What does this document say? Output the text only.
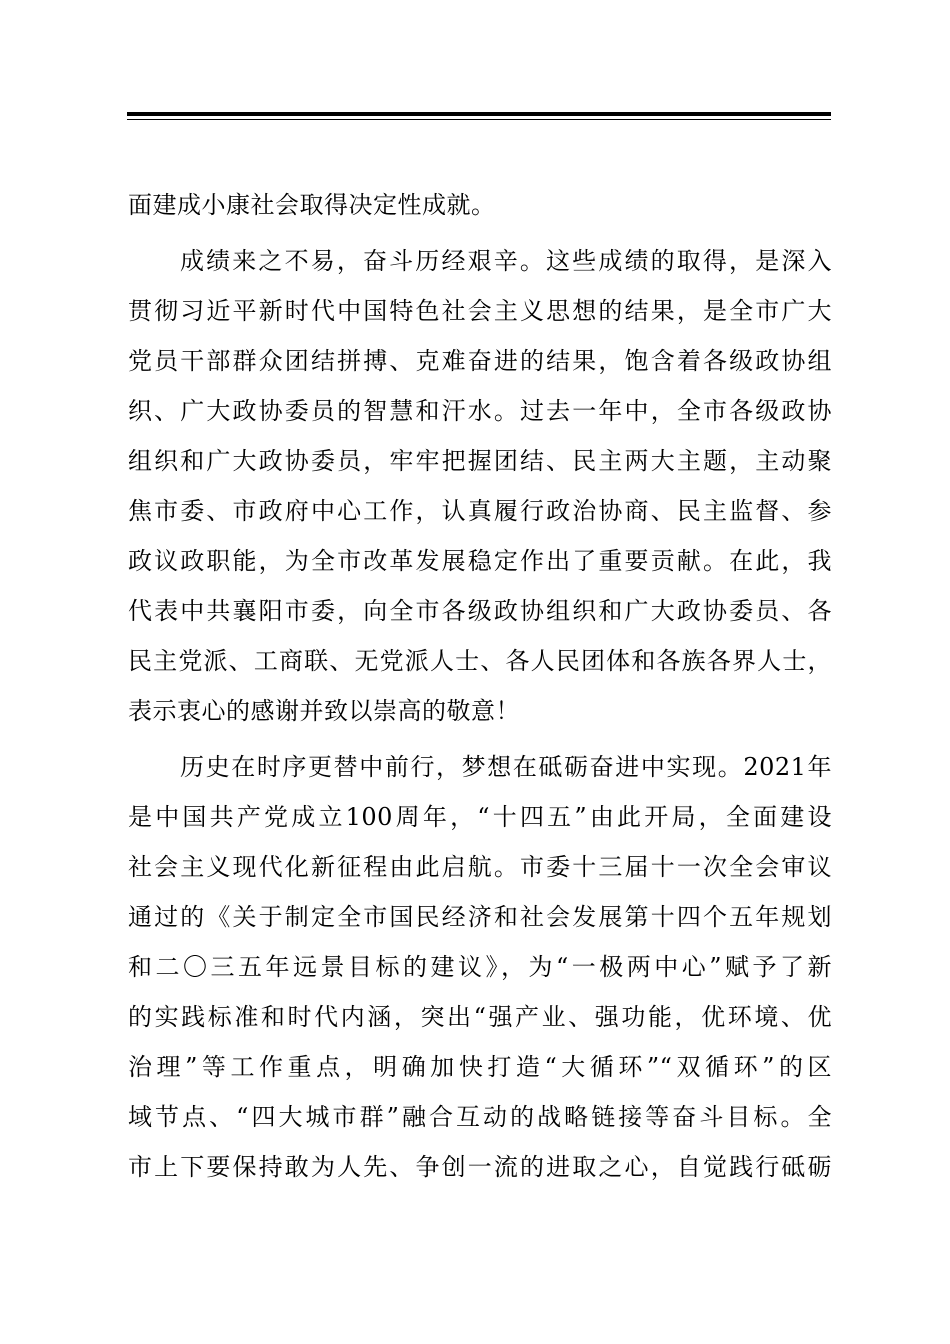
面建成小康社会取得决定性成就。
成绩来之不易，奋斗历经艰辛。这些成绩的取得，是深入
贯彻习近平新时代中国特色社会主义思想的结果，是全市广大
党员干部群众团结拼搏、克难奋进的结果，饱含着各级政协组
织、广大政协委员的智慧和汗水。过去一年中，全市各级政协
组织和广大政协委员，牢牢把握团结、民主两大主题，主动聚
焦市委、市政府中心工作，认真履行政治协商、民主监督、参
政议政职能，为全市改革发展稳定作出了重要贡献。在此，我
代表中共襄阳市委，向全市各级政协组织和广大政协委员、各
民主党派、工商联、无党派人士、各人民团体和各族各界人士，
表示衷心的感谢并致以崇高的敬意！
历史在时序更替中前行，梦想在砥砺奋进中实现。2021年
是中国共产党成立100周年，“十四五”由此开局，全面建设
社会主义现代化新征程由此启航。市委十三届十一次全会审议
通过的《关于制定全市国民经济和社会发展第十四个五年规划
和二〇三五年远景目标的建议》，为“一极两中心”赋予了新
的实践标准和时代内涵，突出“强产业、强功能，优环境、优
治理”等工作重点，明确加快打造“大循环”“双循环”的区
域节点、“四大城市群”融合互动的战略链接等奋斗目标。全
市上下要保持敢为人先、争创一流的进取之心，自觉践行砥砺
